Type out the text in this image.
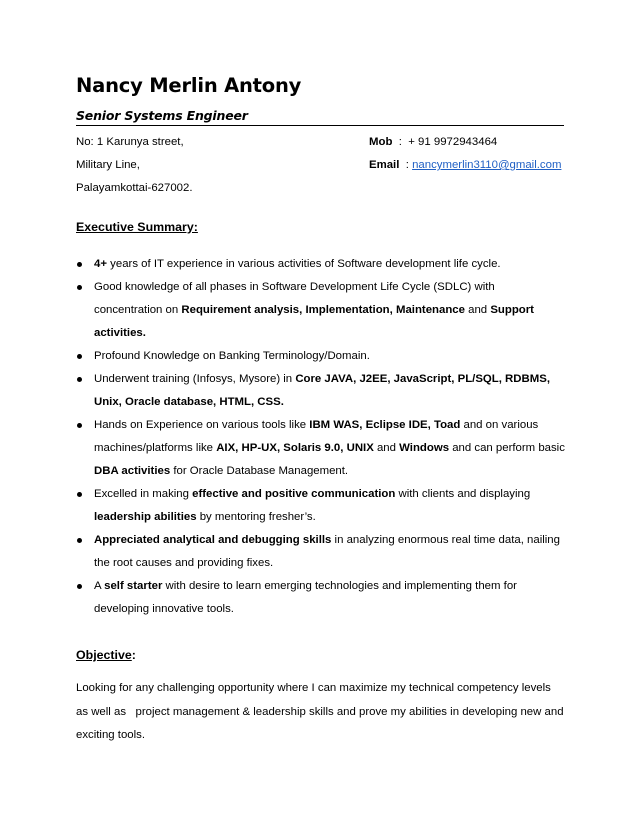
Nancy Merlin Antony
Senior Systems Engineer
No: 1 Karunya street,
Military Line,
Palayamkottai-627002.
Mob  :  + 91 9972943464
Email  : nancymerlin3110@gmail.com
Executive Summary:
4+ years of IT experience in various activities of Software development life cycle.
Good knowledge of all phases in Software Development Life Cycle (SDLC) with concentration on Requirement analysis, Implementation, Maintenance and Support activities.
Profound Knowledge on Banking Terminology/Domain.
Underwent training (Infosys, Mysore) in Core JAVA, J2EE, JavaScript, PL/SQL, RDBMS, Unix, Oracle database, HTML, CSS.
Hands on Experience on various tools like IBM WAS, Eclipse IDE, Toad and on various machines/platforms like AIX, HP-UX, Solaris 9.0, UNIX and Windows and can perform basic DBA activities for Oracle Database Management.
Excelled in making effective and positive communication with clients and displaying leadership abilities by mentoring fresher’s.
Appreciated analytical and debugging skills in analyzing enormous real time data, nailing the root causes and providing fixes.
A self starter with desire to learn emerging technologies and implementing them for developing innovative tools.
Objective:
Looking for any challenging opportunity where I can maximize my technical competency levels as well as   project management & leadership skills and prove my abilities in developing new and exciting tools.
